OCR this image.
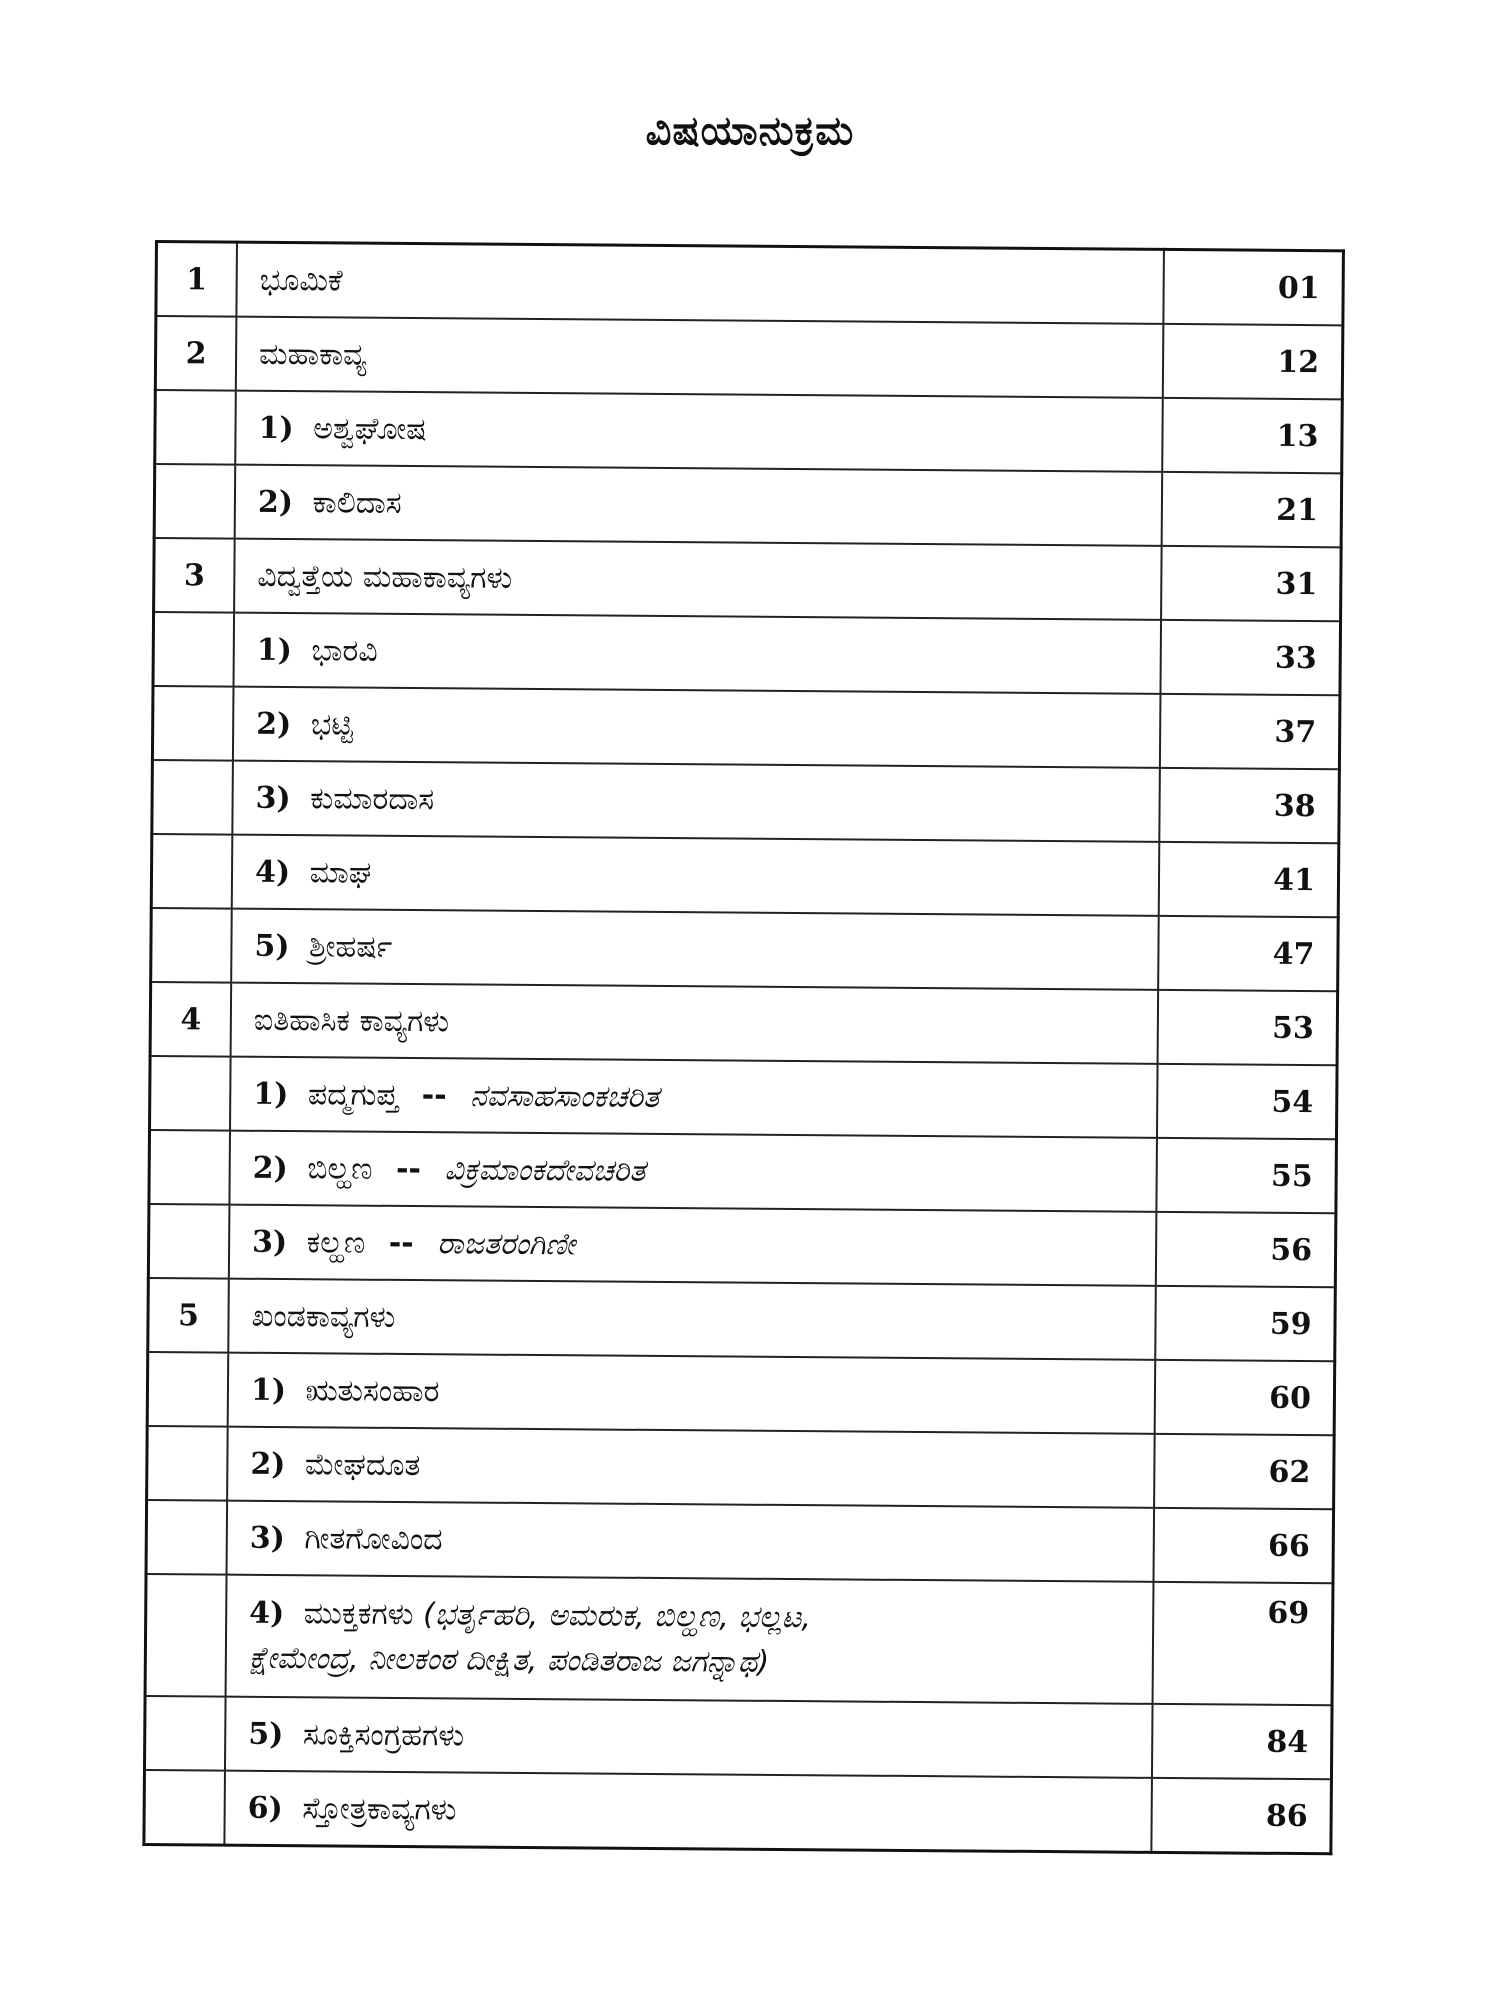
ವಿಷಯಾನುಕ್ರಮ
1	ಭೂಮಿಕೆ	01
2	ಮಹಾಕಾವ್ಯ	12
	1) ಅಶ್ವಘೋಷ	13
	2) ಕಾಲಿದಾಸ	21
3	ವಿದ್ವತ್ತೆಯ ಮಹಾಕಾವ್ಯಗಳು	31
	1) ಭಾರವಿ	33
	2) ಭಟ್ಟಿ	37
	3) ಕುಮಾರದಾಸ	38
	4) ಮಾಘ	41
	5) ಶ್ರೀಹರ್ಷ	47
4	ಐತಿಹಾಸಿಕ ಕಾವ್ಯಗಳು	53
	1) ಪದ್ಮಗುಪ್ತ -- ನವಸಾಹಸಾಂಕಚರಿತ	54
	2) ಬಿಲ್ಹಣ -- ವಿಕ್ರಮಾಂಕದೇವಚರಿತ	55
	3) ಕಲ್ಹಣ -- ರಾಜತರಂಗಿಣೀ	56
5	ಖಂಡಕಾವ್ಯಗಳು	59
	1) ಋತುಸಂಹಾರ	60
	2) ಮೇಘದೂತ	62
	3) ಗೀತಗೋವಿಂದ	66
	4) ಮುಕ್ತಕಗಳು (ಭರ್ತೃಹರಿ, ಅಮರುಕ, ಬಿಲ್ಹಣ, ಭಲ್ಲಟ,
ಕ್ಷೇಮೇಂದ್ರ, ನೀಲಕಂಠ ದೀಕ್ಷಿತ, ಪಂಡಿತರಾಜ ಜಗನ್ನಾಥ)	69
	5) ಸೂಕ್ತಿಸಂಗ್ರಹಗಳು	84
	6) ಸ್ತೋತ್ರಕಾವ್ಯಗಳು	86
